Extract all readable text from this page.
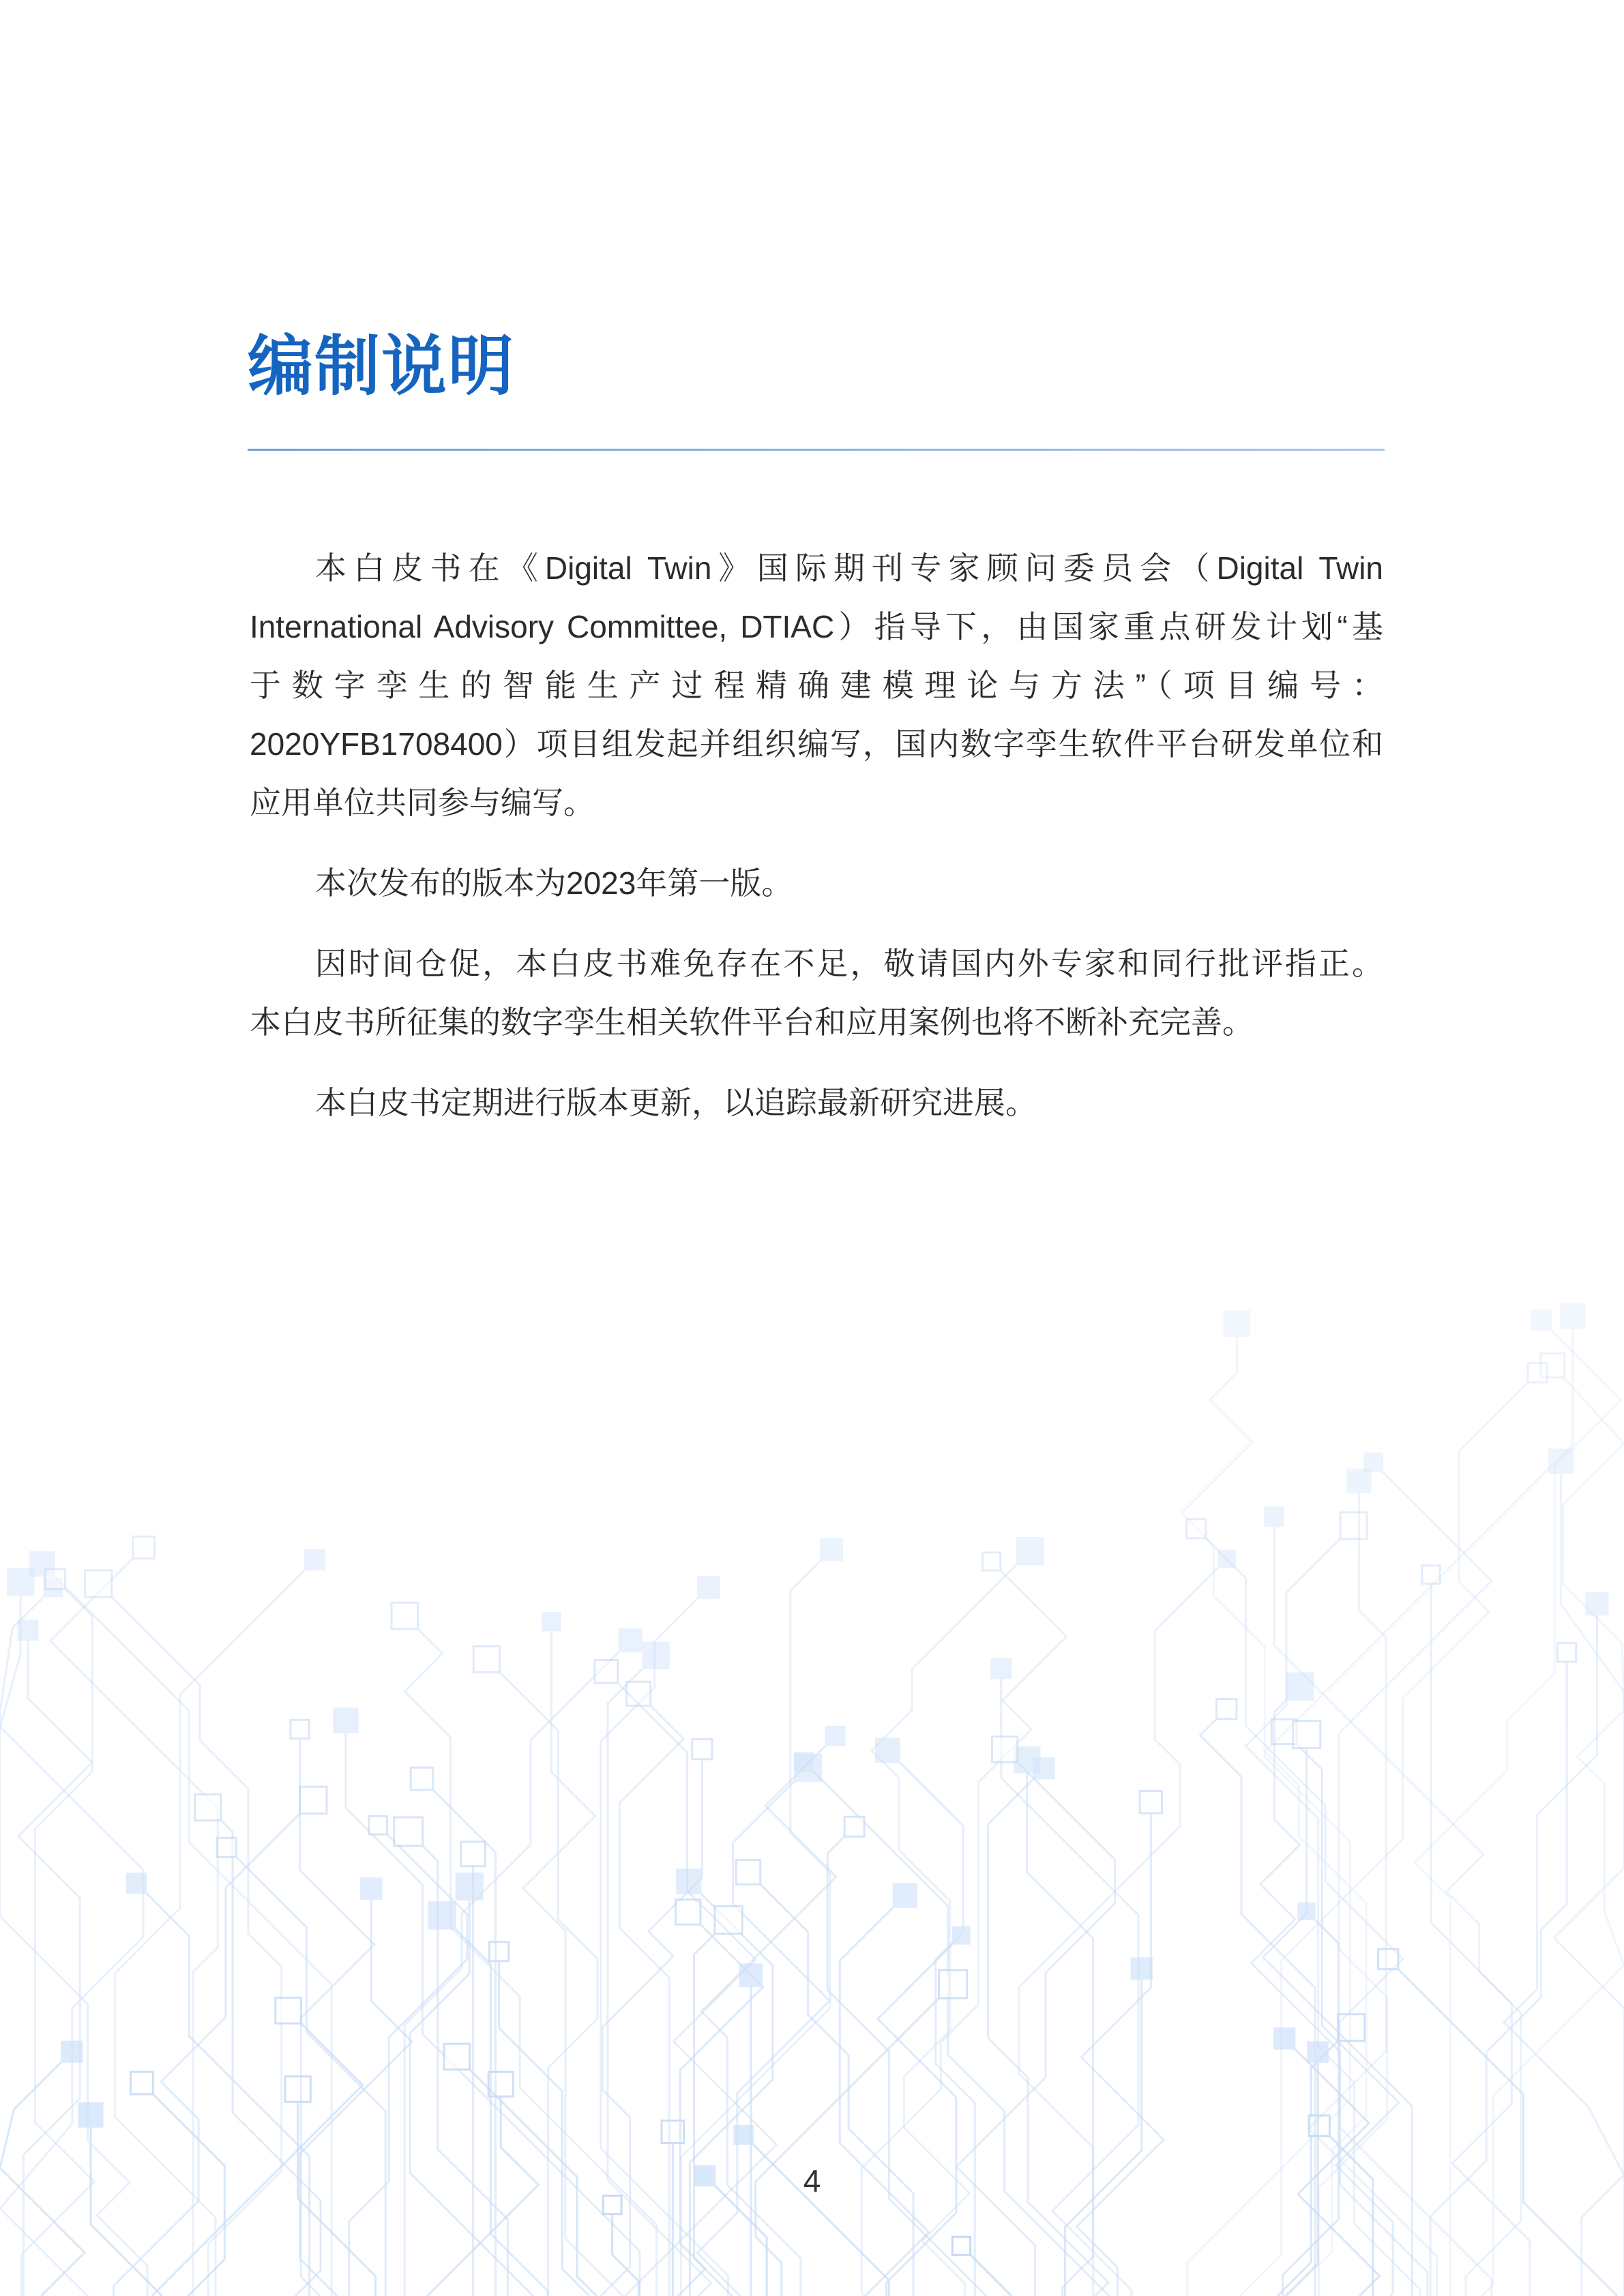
编制说明

本白皮书在《Digital Twin》国际期刊专家顾问委员会（Digital Twin
International Advisory Committee, DTIAC）指导下，由国家重点研发计划“基
于数字孪生的智能生产过程精确建模理论与方法”（项目编号：
2020YFB1708400）项目组发起并组织编写，国内数字孪生软件平台研发单位和
应用单位共同参与编写。

本次发布的版本为2023年第一版。

因时间仓促，本白皮书难免存在不足，敬请国内外专家和同行批评指正。
本白皮书所征集的数字孪生相关软件平台和应用案例也将不断补充完善。

本白皮书定期进行版本更新，以追踪最新研究进展。

4
